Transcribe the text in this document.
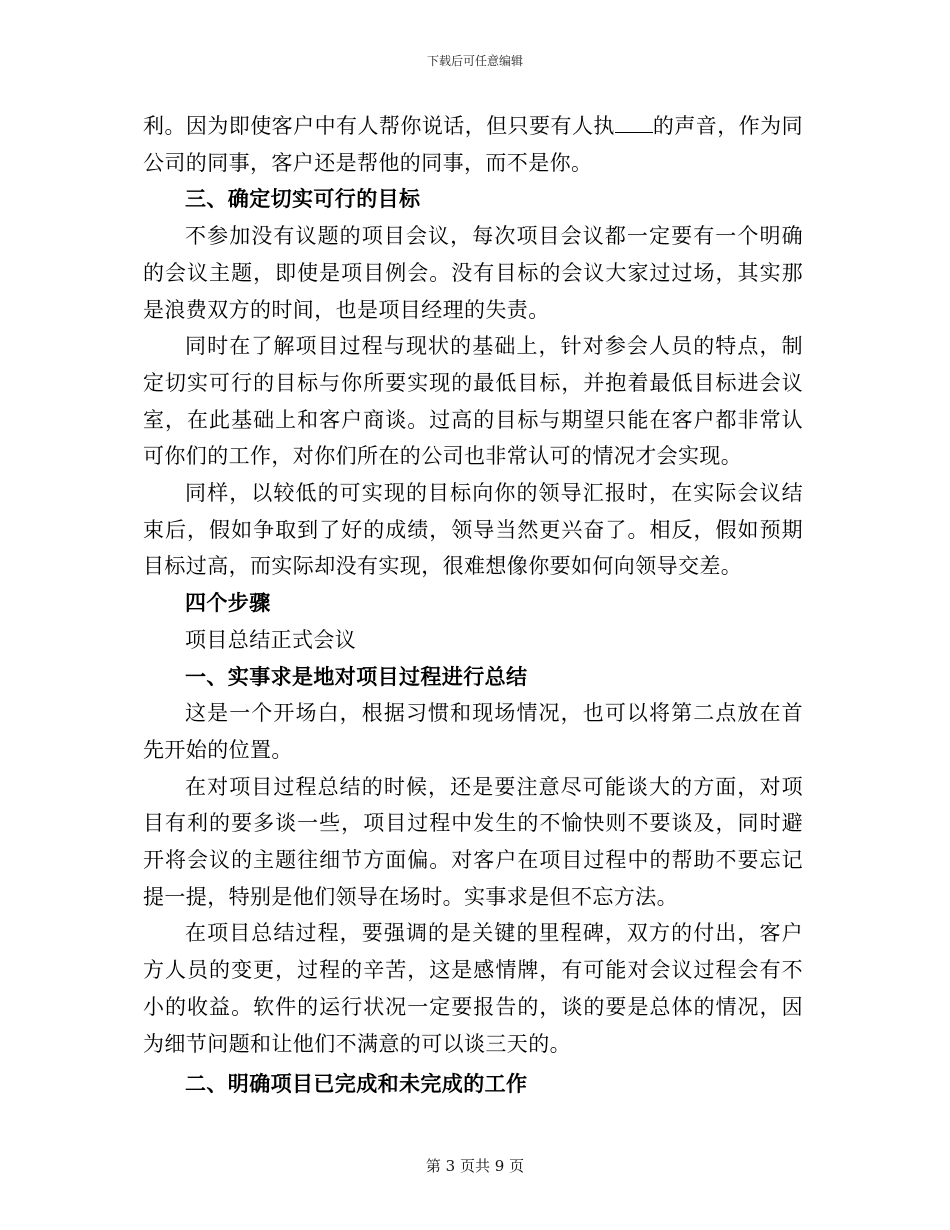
下载后可任意编辑

利。因为即使客户中有人帮你说话，但只要有人执 的声音，作为同公司的同事，客户还是帮他的同事，而不是你。

三、确定切实可行的目标

不参加没有议题的项目会议，每次项目会议都一定要有一个明确的会议主题，即使是项目例会。没有目标的会议大家过过场，其实那是浪费双方的时间，也是项目经理的失责。

同时在了解项目过程与现状的基础上，针对参会人员的特点，制定切实可行的目标与你所要实现的最低目标，并抱着最低目标进会议室，在此基础上和客户商谈。过高的目标与期望只能在客户都非常认可你们的工作，对你们所在的公司也非常认可的情况才会实现。

同样，以较低的可实现的目标向你的领导汇报时，在实际会议结束后，假如争取到了好的成绩，领导当然更兴奋了。相反，假如预期目标过高，而实际却没有实现，很难想像你要如何向领导交差。

四个步骤

项目总结正式会议

一、实事求是地对项目过程进行总结

这是一个开场白，根据习惯和现场情况，也可以将第二点放在首先开始的位置。

在对项目过程总结的时候，还是要注意尽可能谈大的方面，对项目有利的要多谈一些，项目过程中发生的不愉快则不要谈及，同时避开将会议的主题往细节方面偏。对客户在项目过程中的帮助不要忘记提一提，特别是他们领导在场时。实事求是但不忘方法。

在项目总结过程，要强调的是关键的里程碑，双方的付出，客户方人员的变更，过程的辛苦，这是感情牌，有可能对会议过程会有不小的收益。软件的运行状况一定要报告的，谈的要是总体的情况，因为细节问题和让他们不满意的可以谈三天的。

二、明确项目已完成和未完成的工作

第 3 页共 9 页
